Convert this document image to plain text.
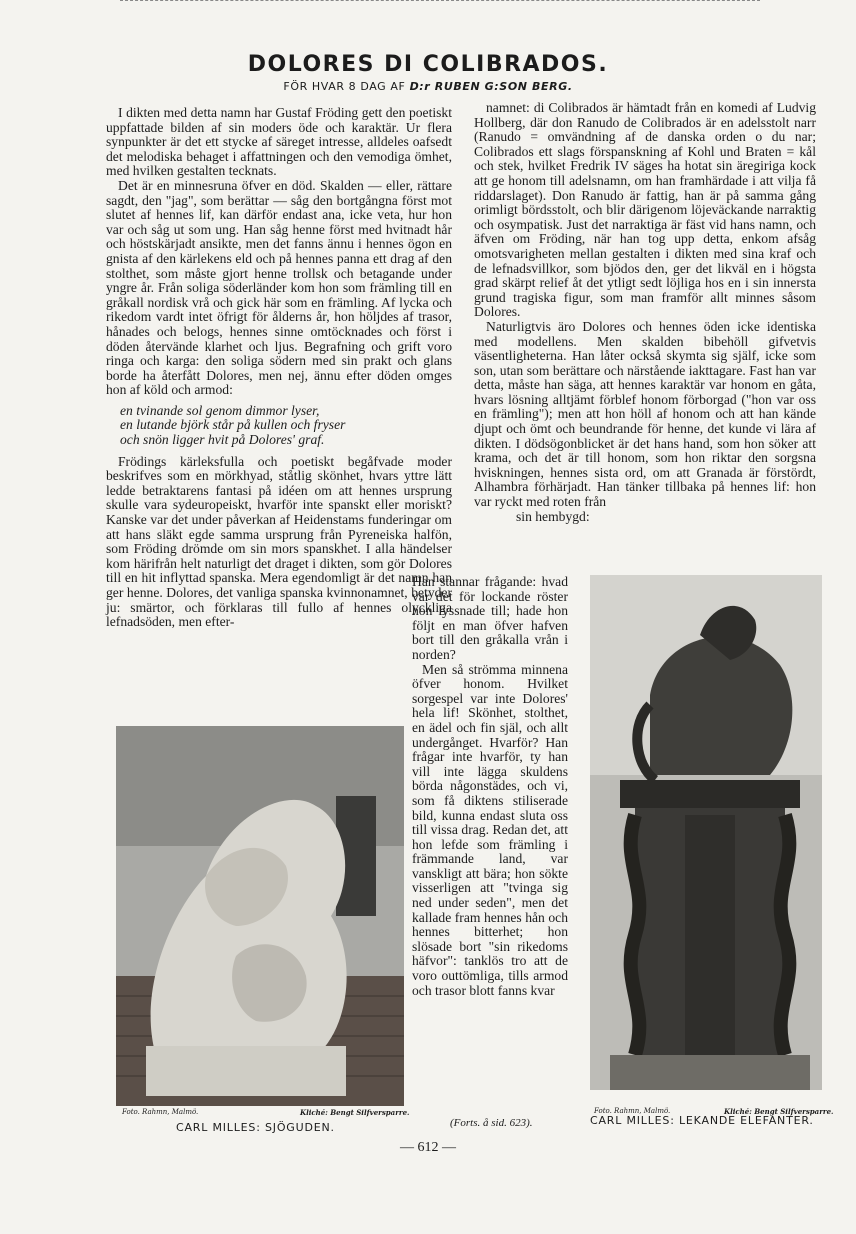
DOLORES DI COLIBRADOS.
FÖR HVAR 8 DAG AF D:r RUBEN G:SON BERG.

I dikten med detta namn har Gustaf Fröding gett den poetiskt uppfattade bilden af sin moders öde och karaktär. Ur flera synpunkter är det ett stycke af säreget intresse, alldeles oafsedt det melodiska behaget i affattningen och den vemodiga ömhet, med hvilken gestalten tecknats.

Det är en minnesruna öfver en död. Skalden — eller, rättare sagdt, den "jag", som berättar — såg den bortgångna först mot slutet af hennes lif, kan därför endast ana, icke veta, hur hon var och såg ut som ung. Han såg henne först med hvitnadt hår och höstskärjadt ansikte, men det fanns ännu i hennes ögon en gnista af den kärlekens eld och på hennes panna ett drag af den stolthet, som måste gjort henne trollsk och betagande under yngre år. Från soliga söderländer kom hon som främling till en gråkall nordisk vrå och gick här som en främling. Af lycka och rikedom vardt intet öfrigt för ålderns år, hon höljdes af trasor, hånades och belogs, hennes sinne omtöcknades och först i döden återvände klarhet och ljus. Begrafning och grift voro ringa och karga: den soliga södern med sin prakt och glans borde ha återfått Dolores, men nej, ännu efter döden omges hon af köld och armod:

en tvinande sol genom dimmor lyser,
en lutande björk står på kullen och fryser
och snön ligger hvit på Dolores' graf.

Frödings kärleksfulla och poetiskt begåfvade moder beskrifves som en mörkhyad, ståtlig skönhet, hvars yttre lätt ledde betraktarens fantasi på idéen om att hennes ursprung skulle vara sydeuropeiskt, hvarför inte spanskt eller moriskt? Kanske var det under påverkan af Heidenstams funderingar om att hans släkt egde samma ursprung från Pyreneiska halfön, som Fröding drömde om sin mors spanskhet. I alla händelser kom härifrån helt naturligt det draget i dikten, som gör Dolores till en hit inflyttad spanska. Mera egendomligt är det namn han ger henne. Dolores, det vanliga spanska kvinnonamnet, betyder ju: smärtor, och förklaras till fullo af hennes olyckliga lefnadsöden, men efter-

namnet: di Colibrados är hämtadt från en komedi af Ludvig Hollberg, där don Ranudo de Colibrados är en adelsstolt narr (Ranudo = omvändning af de danska orden o du nar; Colibrados ett slags förspanskning af Kohl und Braten = kål och stek, hvilket Fredrik IV säges ha hotat sin äregiriga kock att ge honom till adelsnamn, om han framhärdade i att vilja få riddarslaget). Don Ranudo är fattig, han är på samma gång orimligt bördsstolt, och blir därigenom löjeväckande narraktig och osympatisk. Just det narraktiga är fäst vid hans namn, och äfven om Fröding, när han tog upp detta, enkom afsåg omotsvarigheten mellan gestalten i dikten med sina kraf och de lefnadsvillkor, som bjödos den, ger det likväl en i högsta grad skärpt relief åt det ytligt sedt löjliga hos en i sin innersta grund tragiska figur, som man framför allt minnes såsom Dolores.

Naturligtvis äro Dolores och hennes öden icke identiska med modellens. Men skalden bibehöll gifvetvis väsentligheterna. Han låter också skymta sig själf, icke som son, utan som berättare och närstående iakttagare. Fast han var detta, måste han säga, att hennes karaktär var honom en gåta, hvars lösning alltjämt förblef honom förborgad ("hon var oss en främling"); men att hon höll af honom och att han kände djupt och ömt och beundrande för henne, det kunde vi lära af dikten. I dödsögonblicket är det hans hand, som hon söker att krama, och det är till honom, som hon riktar den sorgsna hviskningen, hennes sista ord, om att Granada är förstördt, Alhambra förhärjadt. Han tänker tillbaka på hennes lif: hon var ryckt med roten från

sin hembygd:

Han stannar frågande: hvad var det för lockande röster hon lyssnade till; hade hon följt en man öfver hafven bort till den gråkalla vrån i norden?

Men så strömma minnena öfver honom. Hvilket sorgespel var inte Dolores' hela lif! Skönhet, stolthet, en ädel och fin själ, och allt undergånget. Hvarför? Han frågar inte hvarför, ty han vill inte lägga skuldens börda någonstädes, och vi, som få diktens stiliserade bild, kunna endast sluta oss till vissa drag. Redan det, att hon lefde som främling i främmande land, var vanskligt att bära; hon sökte visserligen att "tvinga sig ned under seden", men det kallade fram hennes hån och hennes bitterhet; hon slösade bort "sin rikedoms häfvor": tanklös tro att de voro outtömliga, tills armod och trasor blott fanns kvar

(Forts. å sid. 623).
Foto. Rahmn, Malmö.	Kliché: Bengt Silfversparre.
CARL MILLES: SJÖGUDEN.
Foto. Rahmn, Malmö.	Kliché: Bengt Silfversparre.
CARL MILLES: LEKANDE ELEFANTER.
— 612 —
